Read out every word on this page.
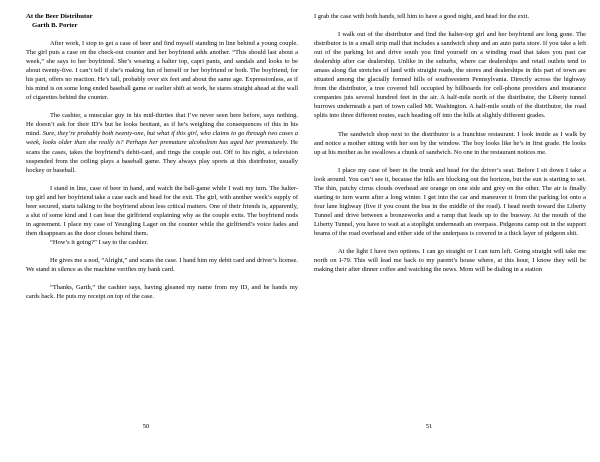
At the Beer Distributor
Garth B. Porter

After work, I stop to get a case of beer and find myself standing in line behind a young couple. The girl puts a case on the check-out counter and her boyfriend adds another. “This should last about a week,” she says to her boyfriend. She’s wearing a halter top, capri pants, and sandals and looks to be about twenty-five. I can’t tell if she’s making fun of herself or her boyfriend or both. The boyfriend, for his part, offers no reaction. He’s tall, probably over six feet and about the same age. Expressionless, as if his mind is on some long ended baseball game or earlier shift at work, he stares straight ahead at the wall of cigarettes behind the counter.

The cashier, a muscular guy in his mid-thirties that I’ve never seen here before, says nothing. He doesn’t ask for their ID’s but he looks hesitant, as if he’s weighing the consequences of this in his mind. Sure, they’re probably both twenty-one, but what if this girl, who claims to go through two cases a week, looks older than she really is? Perhaps her premature alcoholism has aged her prematurely. He scans the cases, takes the boyfriend’s debit-card, and rings the couple out. Off to his right, a television suspended from the ceiling plays a baseball game. They always play sports at this distributor, usually hockey or baseball.

I stand in line, case of beer in hand, and watch the ball-game while I wait my turn. The halter-top girl and her boyfriend take a case each and head for the exit. The girl, with another week’s supply of beer secured, starts talking to the boyfriend about less critical matters. One of their friends is, apparently, a slut of some kind and I can hear the girlfriend explaining why as the couple exits. The boyfriend nods in agreement. I place my case of Yeungling Lager on the counter while the girlfriend’s voice fades and then disappears as the door closes behind them.

“How’s it going?” I say to the cashier.

He gives me a nod, “Alright,” and scans the case. I hand him my debit card and driver’s license. We stand in silence as the machine verifies my bank card.

“Thanks, Garth,” the cashier says, having gleaned my name from my ID, and he hands my cards back. He puts my receipt on top of the case.

50

I grab the case with both hands, tell him to have a good night, and head for the exit.

I walk out of the distributor and find the halter-top girl and her boyfriend are long gone. The distributor is in a small strip mall that includes a sandwich shop and an auto parts store. If you take a left out of the parking lot and drive south you find yourself on a winding road that takes you past car dealership after car dealership. Unlike in the suburbs, where car dealerships and retail outlets tend to amass along flat stretches of land with straight roads, the stores and dealerships in this part of town are situated among the glacially formed hills of southwestern Pennsylvania. Directly across the highway from the distributor, a tree covered hill occupied by billboards for cell-phone providers and insurance companies juts several hundred feet in the air. A half-mile north of the distributor, the Liberty tunnel burrows underneath a part of town called Mt. Washington. A half-mile south of the distributor, the road splits into three different routes, each heading off into the hills at slightly different grades.

The sandwich shop next to the distributor is a franchise restaurant. I look inside as I walk by and notice a mother sitting with her son by the window. The boy looks like he’s in first grade. He looks up at his mother as he swallows a chunk of sandwich. No one in the restaurant notices me.

I place my case of beer in the trunk and head for the driver’s seat. Before I sit down I take a look around. You can’t see it, because the hills are blocking out the horizon, but the sun is starting to set. The thin, patchy cirrus clouds overhead are orange on one side and grey on the other. The air is finally starting to turn warm after a long winter. I get into the car and maneuver it from the parking lot onto a four lane highway (five if you count the bus in the middle of the road). I head north toward the Liberty Tunnel and drive between a bronzeworks and a ramp that leads up to the busway. At the mouth of the Liberty Tunnel, you have to wait at a stoplight underneath an overpass. Pidgeons camp out in the support beams of the road overhead and either side of the underpass is covered in a thick layer of pidgeon shit.

At the light I have two options. I can go straight or I can turn left. Going straight will take me north on I-79. This will lead me back to my parent’s house where, at this hour, I know they will be making their after dinner coffee and watching the news. Mom will be dialing in a station

51
